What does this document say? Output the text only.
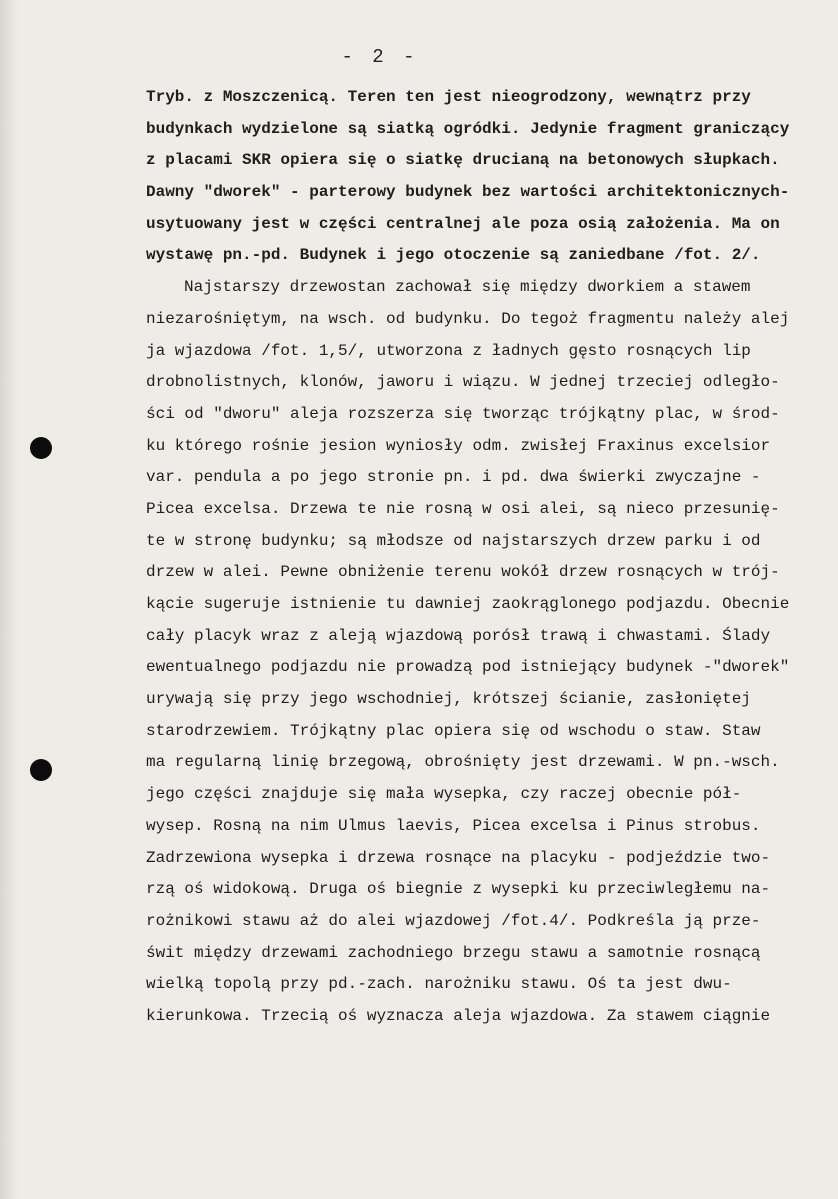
- 2 -
Tryb. z Moszczenicą. Teren ten jest nieogrodzony, wewnątrz przy
budynkach wydzielone są siatką ogródki. Jedynie fragment graniczący
z placami SKR opiera się o siatkę drucianą na betonowych słupkach.
Dawny "dworek" - parterowy budynek bez wartości architektonicznych-
usytuowany jest w części centralnej ale poza osią założenia. Ma on
wystawę pn.-pd. Budynek i jego otoczenie są zaniedbane /fot. 2/.
Najstarszy drzewostan zachował się między dworkiem a stawem
niezarośniętym, na wsch. od budynku. Do tegoż fragmentu należy alej
ja wjazdowa /fot. 1,5/, utworzona z ładnych gęsto rosnących lip
drobnolistnych, klonów, jaworu i wiązu. W jednej trzeciej odległo-
ści od "dworu" aleja rozszerza się tworząc trójkątny plac, w środ-
ku którego rośnie jesion wyniosły odm. zwisłej Fraxinus excelsior
var. pendula a po jego stronie pn. i pd. dwa świerki zwyczajne -
Picea excelsa. Drzewa te nie rosną w osi alei, są nieco przesunię-
te w stronę budynku; są młodsze od najstarszych drzew parku i od
drzew w alei. Pewne obniżenie terenu wokół drzew rosnących w trój-
kącie sugeruje istnienie tu dawniej zaokrąglonego podjazdu. Obecnie
cały placyk wraz z aleją wjazdową porósł trawą i chwastami. Ślady
ewentualnego podjazdu nie prowadzą pod istniejący budynek -"dworek"
urywają się przy jego wschodniej, krótszej ścianie, zasłoniętej
starodrzewiem. Trójkątny plac opiera się od wschodu o staw. Staw
ma regularną linię brzegową, obrośnięty jest drzewami. W pn.-wsch.
jego części znajduje się mała wysepka, czy raczej obecnie pół-
wysep. Rosną na nim Ulmus laevis, Picea excelsa i Pinus strobus.
Zadrzewiona wysepka i drzewa rosnące na placyku - podjeździe two-
rzą oś widokową. Druga oś biegnie z wysepki ku przeciwległemu na-
rożnikowi stawu aż do alei wjazdowej /fot.4/. Podkreśla ją prze-
świt między drzewami zachodniego brzegu stawu a samotnie rosnącą
wielką topolą przy pd.-zach. narożniku stawu. Oś ta jest dwu-
kierunkowa. Trzecią oś wyznacza aleja wjazdowa. Za stawem ciągnie
